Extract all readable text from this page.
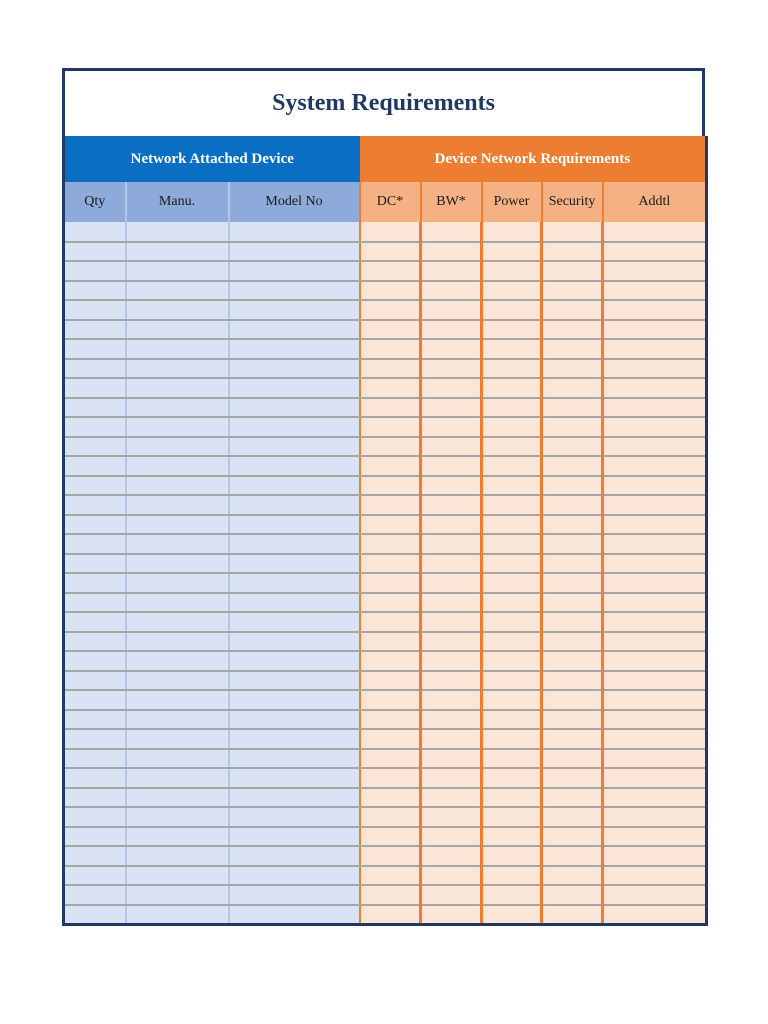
System Requirements
Network Attached Device			Device Network Requirements				
Qty	Manu.	Model No	DC*	BW*	Power	Security	Addtl
